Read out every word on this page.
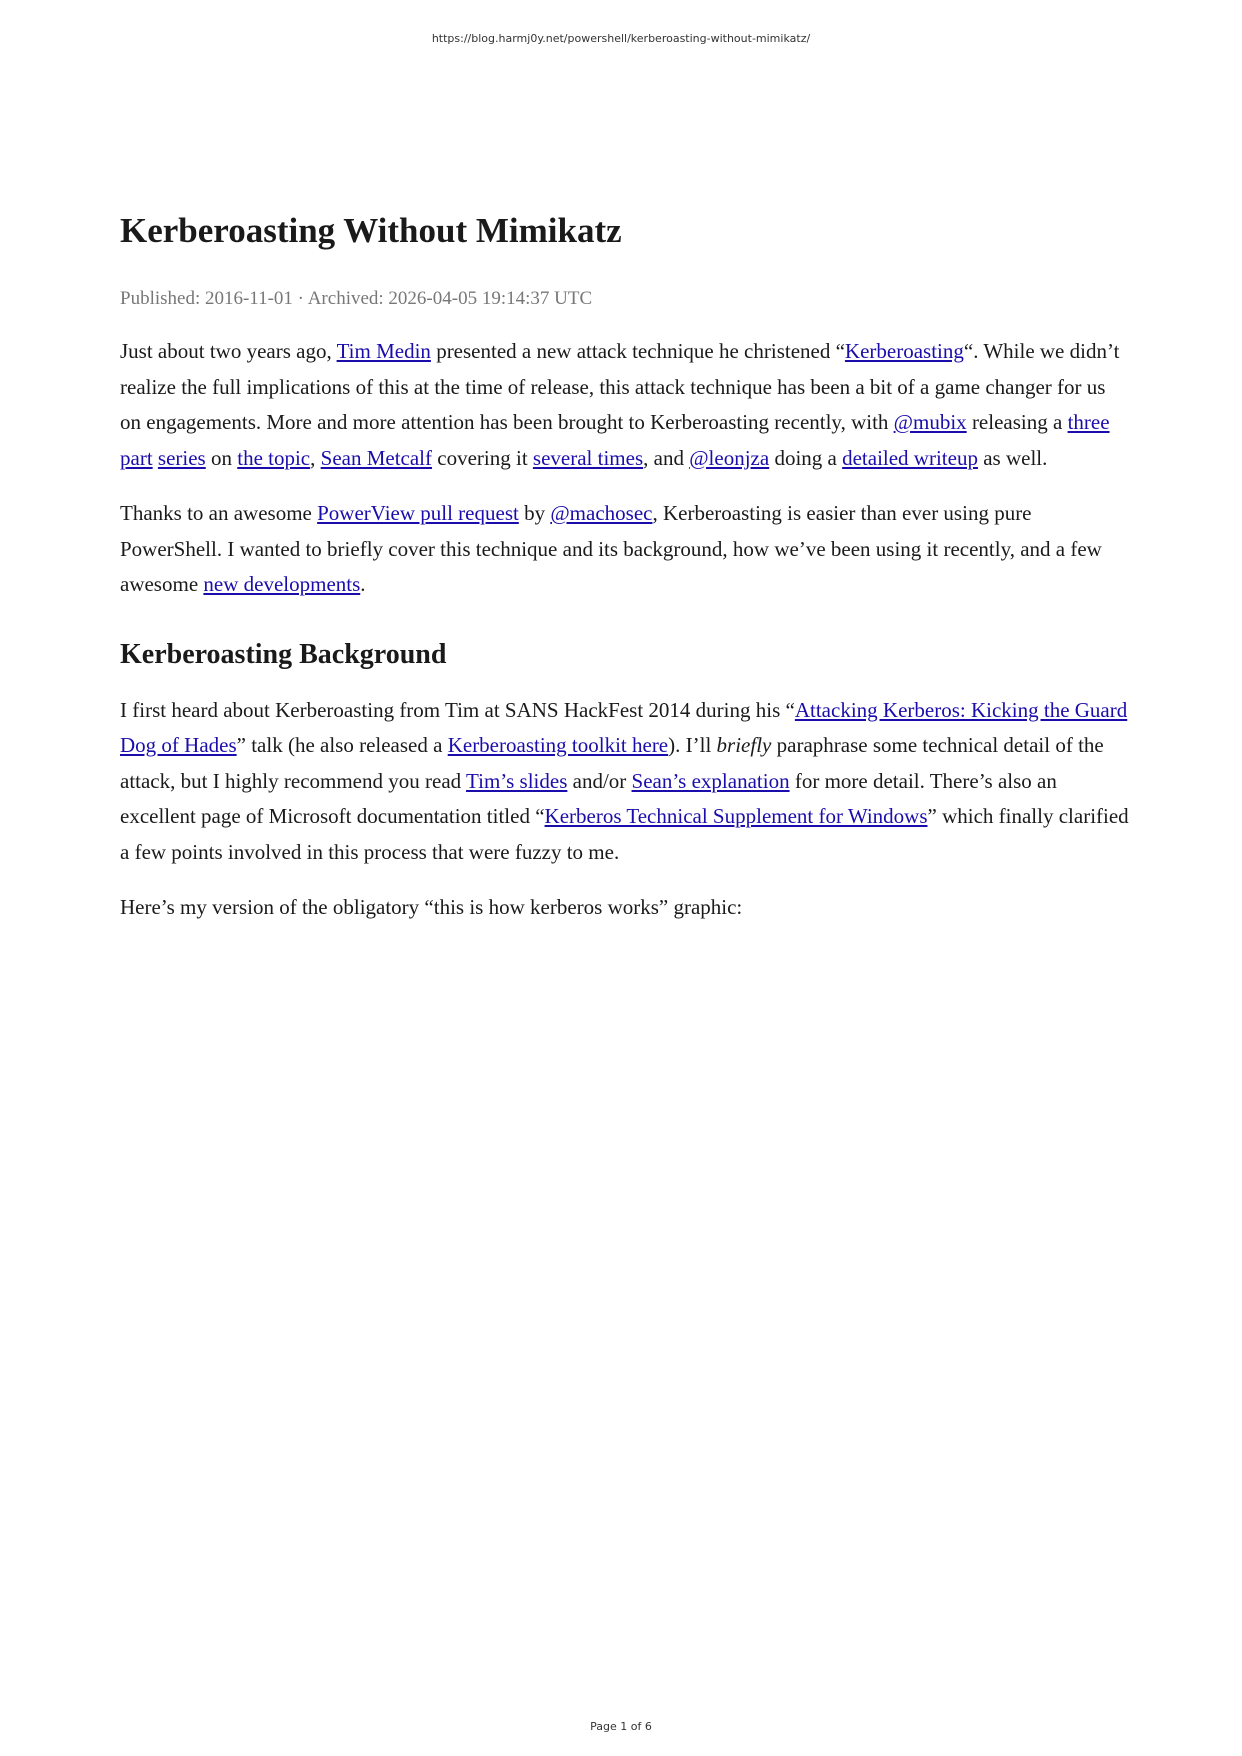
https://blog.harmj0y.net/powershell/kerberoasting-without-mimikatz/
Kerberoasting Without Mimikatz
Published: 2016-11-01 · Archived: 2026-04-05 19:14:37 UTC

Just about two years ago, Tim Medin presented a new attack technique he christened “Kerberoasting“. While we didn’t realize the full implications of this at the time of release, this attack technique has been a bit of a game changer for us on engagements. More and more attention has been brought to Kerberoasting recently, with @mubix releasing a three part series on the topic, Sean Metcalf covering it several times, and @leonjza doing a detailed writeup as well.

Thanks to an awesome PowerView pull request by @machosec, Kerberoasting is easier than ever using pure PowerShell. I wanted to briefly cover this technique and its background, how we’ve been using it recently, and a few awesome new developments.

Kerberoasting Background

I first heard about Kerberoasting from Tim at SANS HackFest 2014 during his “Attacking Kerberos: Kicking the Guard Dog of Hades” talk (he also released a Kerberoasting toolkit here). I’ll briefly paraphrase some technical detail of the attack, but I highly recommend you read Tim’s slides and/or Sean’s explanation for more detail. There’s also an excellent page of Microsoft documentation titled “Kerberos Technical Supplement for Windows” which finally clarified a few points involved in this process that were fuzzy to me.

Here’s my version of the obligatory “this is how kerberos works” graphic:

Page 1 of 6
